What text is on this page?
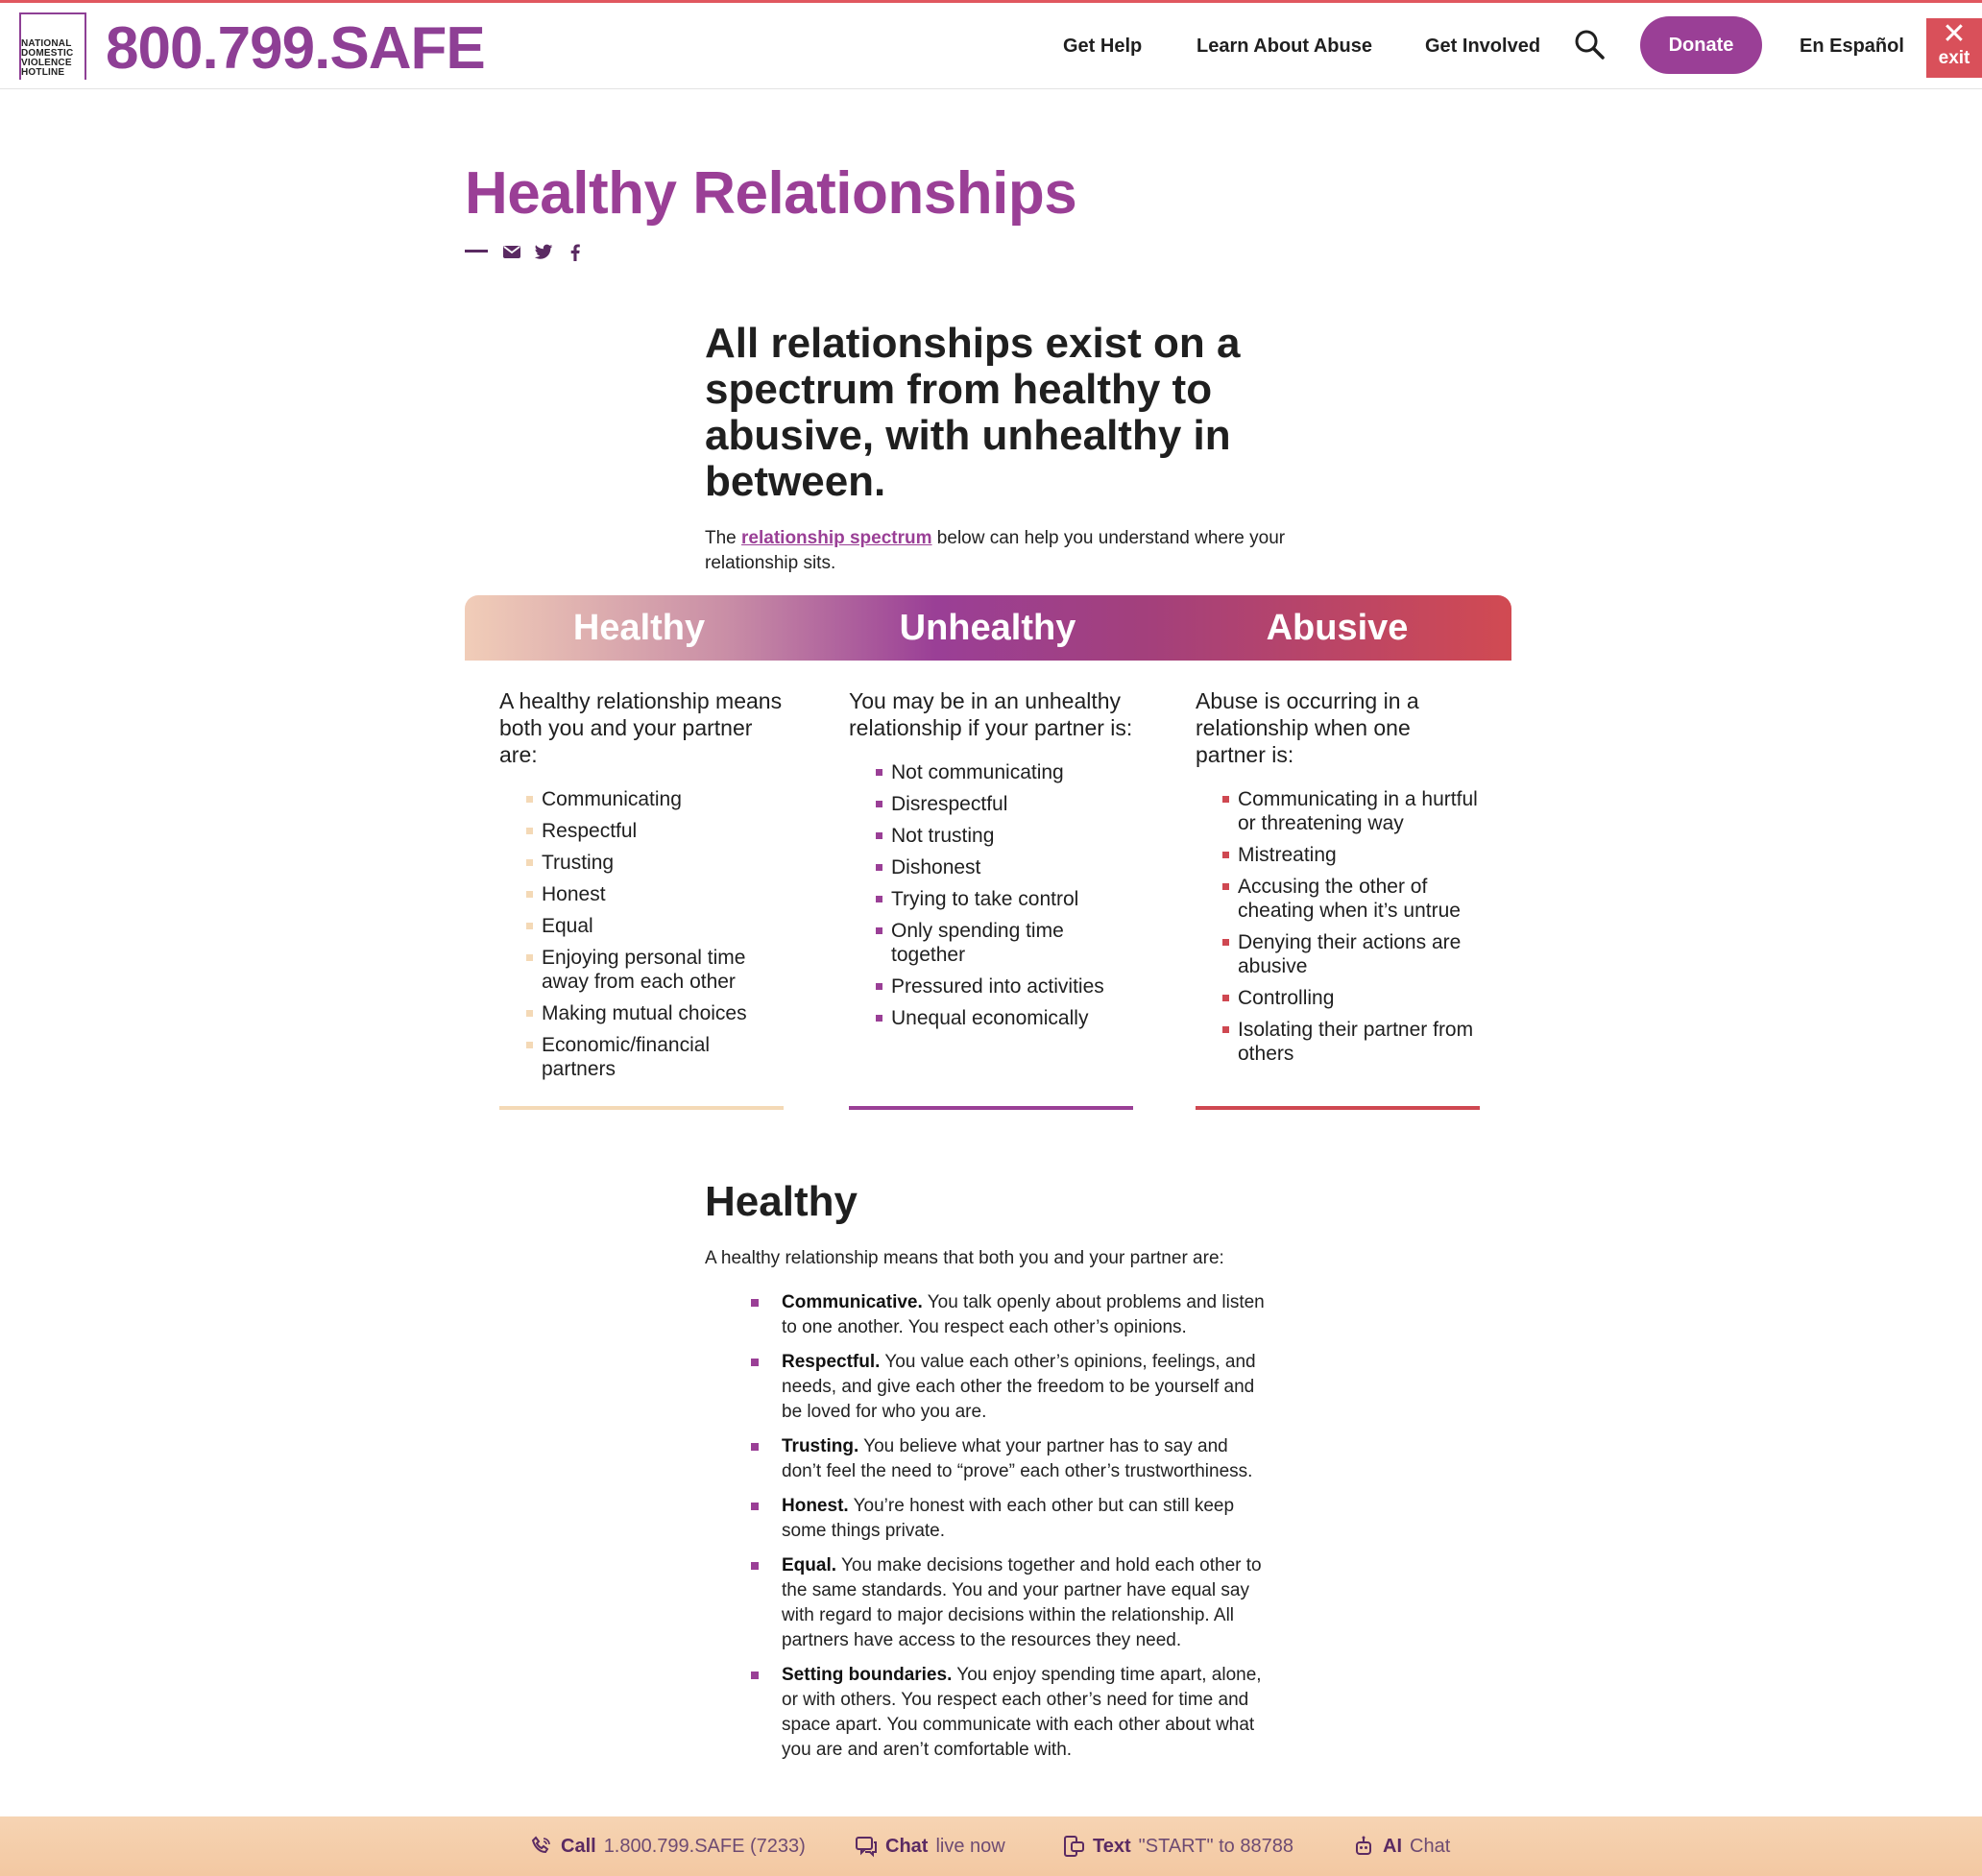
NATIONAL
DOMESTIC
VIOLENCE
HOTLINE 800.799.SAFE	Get Help	Learn About Abuse	Get Involved	Donate	En Español	✕
exit
Healthy Relationships
All relationships exist on a spectrum from healthy to abusive, with unhealthy in between.

The relationship spectrum below can help you understand where your relationship sits.

Healthy	Unhealthy	Abusive

A healthy relationship means both you and your partner are:

Communicating
Respectful
Trusting
Honest
Equal
Enjoying personal time away from each other
Making mutual choices
Economic/financial partners

You may be in an unhealthy relationship if your partner is:

Not communicating
Disrespectful
Not trusting
Dishonest
Trying to take control
Only spending time together
Pressured into activities
Unequal economically

Abuse is occurring in a relationship when one partner is:

Communicating in a hurtful or threatening way
Mistreating
Accusing the other of cheating when it’s untrue
Denying their actions are abusive
Controlling
Isolating their partner from others
Healthy

A healthy relationship means that both you and your partner are:

Communicative. You talk openly about problems and listen to one another. You respect each other’s opinions.
Respectful. You value each other’s opinions, feelings, and needs, and give each other the freedom to be yourself and be loved for who you are.
Trusting. You believe what your partner has to say and don’t feel the need to “prove” each other’s trustworthiness.
Honest. You’re honest with each other but can still keep some things private.
Equal. You make decisions together and hold each other to the same standards. You and your partner have equal say with regard to major decisions within the relationship. All partners have access to the resources they need.
Setting boundaries. You enjoy spending time apart, alone, or with others. You respect each other’s need for time and space apart. You communicate with each other about what you are and aren’t comfortable with.
Call 1.800.799.SAFE (7233)	Chat live now	Text "START" to 88788	AI Chat
